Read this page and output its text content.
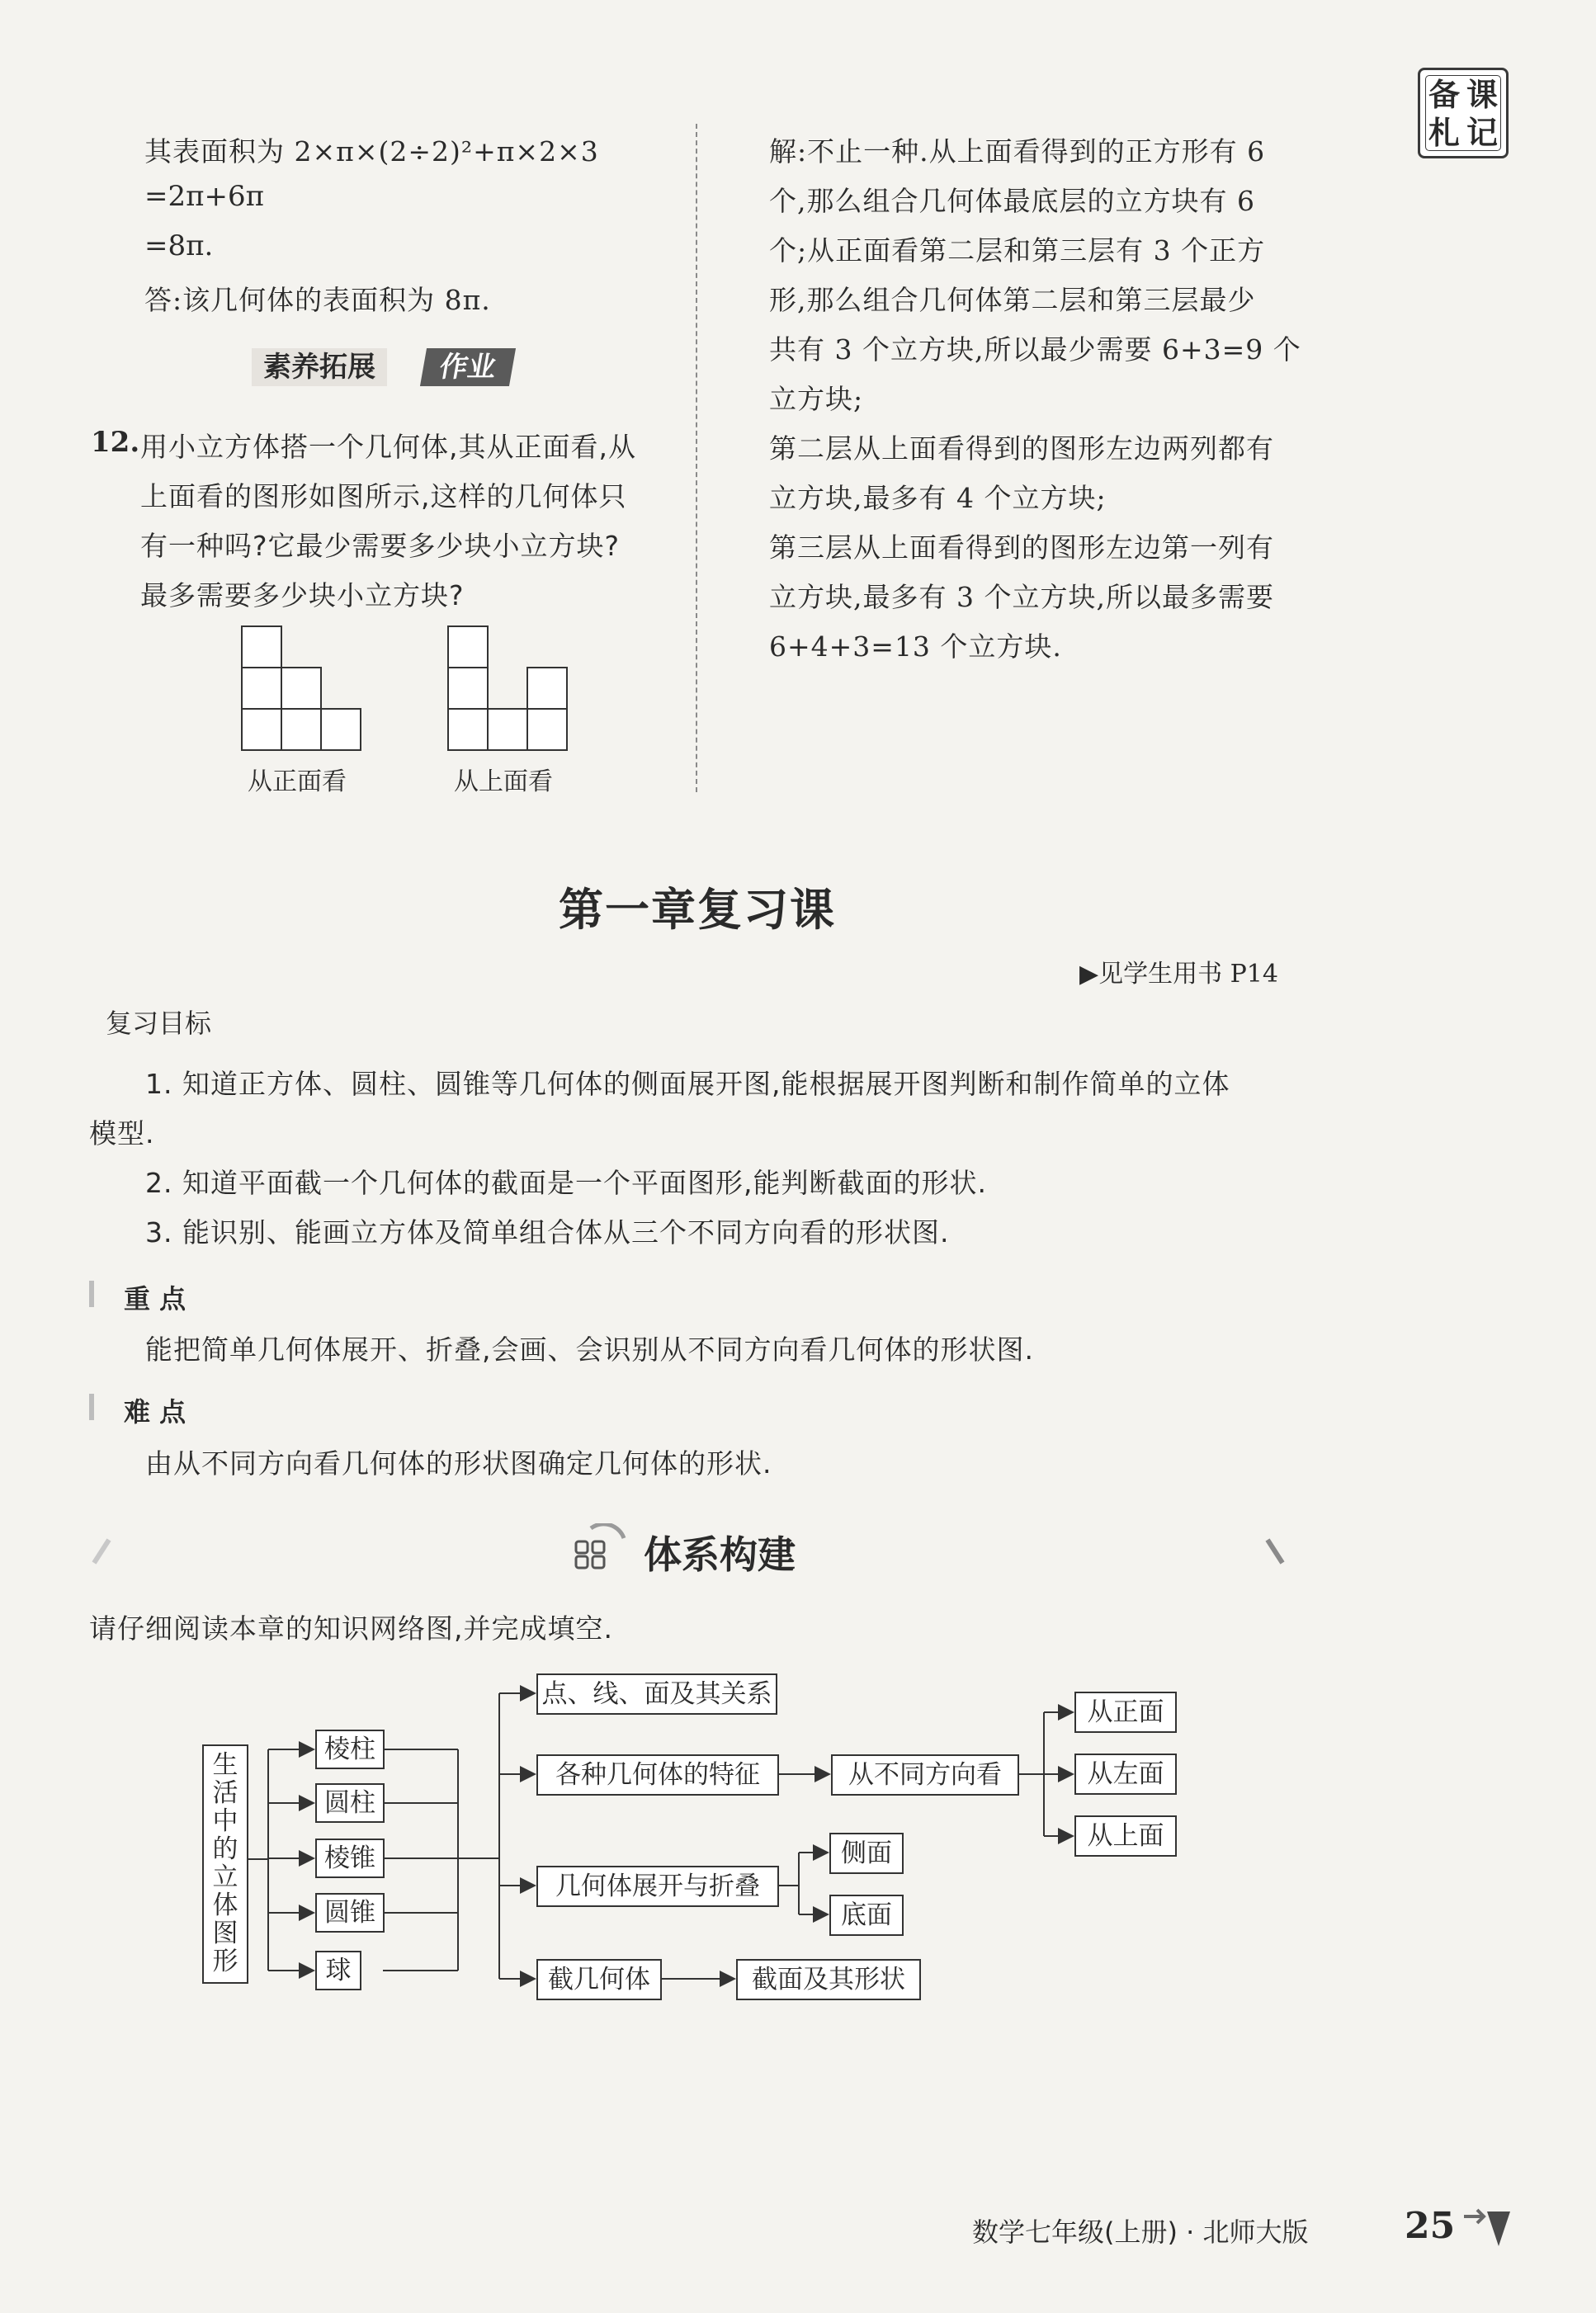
备 课
札 记
其表面积为 2×π×(2÷2)²+π×2×3
=2π+6π
=8π.
答:该几何体的表面积为 8π.
素养拓展	作业
12. 用小立方体搭一个几何体,其从正面看,从
上面看的图形如图所示,这样的几何体只
有一种吗?它最少需要多少块小立方块?
最多需要多少块小立方块?
从正面看	从上面看
解:不止一种.从上面看得到的正方形有 6
个,那么组合几何体最底层的立方块有 6
个;从正面看第二层和第三层有 3 个正方
形,那么组合几何体第二层和第三层最少
共有 3 个立方块,所以最少需要 6+3=9 个
立方块;
第二层从上面看得到的图形左边两列都有
立方块,最多有 4 个立方块;
第三层从上面看得到的图形左边第一列有
立方块,最多有 3 个立方块,所以最多需要
6+4+3=13 个立方块.
第一章复习课
▶见学生用书 P14
复习目标
1. 知道正方体、圆柱、圆锥等几何体的侧面展开图,能根据展开图判断和制作简单的立体
模型.
2. 知道平面截一个几何体的截面是一个平面图形,能判断截面的形状.
3. 能识别、能画立方体及简单组合体从三个不同方向看的形状图.
重 点
能把简单几何体展开、折叠,会画、会识别从不同方向看几何体的形状图.
难 点
由从不同方向看几何体的形状图确定几何体的形状.
体系构建
请仔细阅读本章的知识网络图,并完成填空.
生
活
中
的
立
体
图
形
棱柱
圆柱
棱锥
圆锥
球
点、线、面及其关系
各种几何体的特征
几何体展开与折叠
截几何体
从不同方向看
从正面
从左面
从上面
侧面
底面
截面及其形状
数学七年级(上册) · 北师大版	25
